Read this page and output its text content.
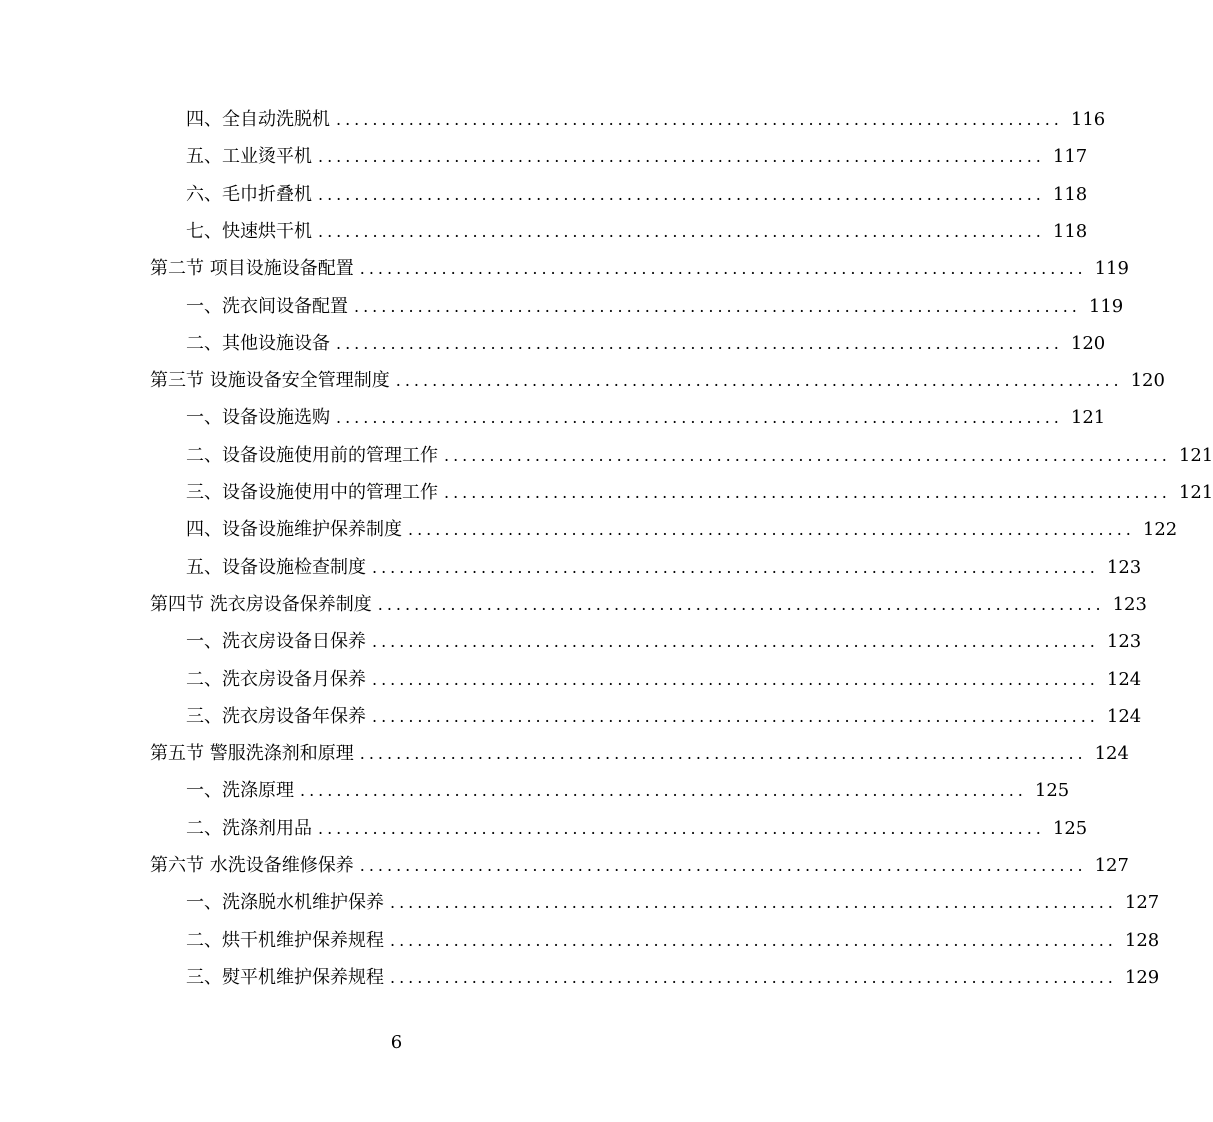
四、全自动洗脱机 ................................................................................ 116
五、工业烫平机 ................................................................................ 117
六、毛巾折叠机 ................................................................................ 118
七、快速烘干机 ................................................................................ 118
第二节 项目设施设备配置 ................................................................................ 119
一、洗衣间设备配置 ................................................................................ 119
二、其他设施设备 ................................................................................ 120
第三节 设施设备安全管理制度 ................................................................................ 120
一、设备设施选购 ................................................................................ 121
二、设备设施使用前的管理工作 ................................................................................ 121
三、设备设施使用中的管理工作 ................................................................................ 121
四、设备设施维护保养制度 ................................................................................ 122
五、设备设施检查制度 ................................................................................ 123
第四节 洗衣房设备保养制度 ................................................................................ 123
一、洗衣房设备日保养 ................................................................................ 123
二、洗衣房设备月保养 ................................................................................ 124
三、洗衣房设备年保养 ................................................................................ 124
第五节 警服洗涤剂和原理 ................................................................................ 124
一、洗涤原理 ................................................................................ 125
二、洗涤剂用品 ................................................................................ 125
第六节 水洗设备维修保养 ................................................................................ 127
一、洗涤脱水机维护保养 ................................................................................ 127
二、烘干机维护保养规程 ................................................................................ 128
三、熨平机维护保养规程 ................................................................................ 129
6
